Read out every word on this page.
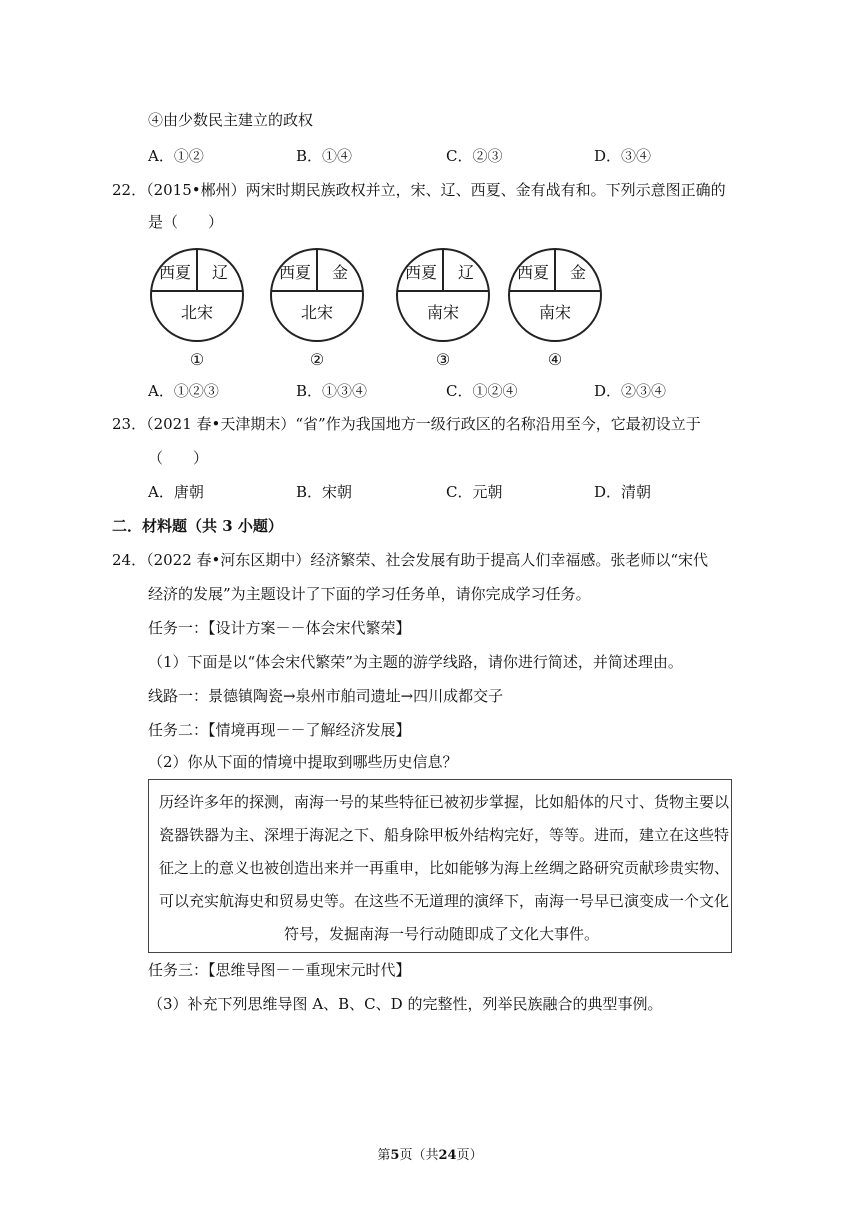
④由少数民主建立的政权
A．①②	B．①④	C．②③	D．③④
22．（2015•郴州）两宋时期民族政权并立，宋、辽、西夏、金有战有和。下列示意图正确的
是（　　）
西夏 辽
北宋
西夏 金
北宋
西夏 辽
南宋
西夏 金
南宋
①	②	③	④
A．①②③	B．①③④	C．①②④	D．②③④
23．（2021 春•天津期末）“省”作为我国地方一级行政区的名称沿用至今，它最初设立于
（　　）
A．唐朝	B．宋朝	C．元朝	D．清朝
二．材料题（共 3 小题）
24．（2022 春•河东区期中）经济繁荣、社会发展有助于提高人们幸福感。张老师以“宋代
经济的发展”为主题设计了下面的学习任务单，请你完成学习任务。
任务一：【设计方案－－体会宋代繁荣】
（1）下面是以“体会宋代繁荣”为主题的游学线路，请你进行简述，并简述理由。
线路一：景德镇陶瓷→泉州市舶司遗址→四川成都交子
任务二：【情境再现－－了解经济发展】
（2）你从下面的情境中提取到哪些历史信息？
历经许多年的探测，南海一号的某些特征已被初步掌握，比如船体的尺寸、货物主要以
瓷器铁器为主、深埋于海泥之下、船身除甲板外结构完好，等等。进而，建立在这些特
征之上的意义也被创造出来并一再重申，比如能够为海上丝绸之路研究贡献珍贵实物、
可以充实航海史和贸易史等。在这些不无道理的演绎下，南海一号早已演变成一个文化
符号，发掘南海一号行动随即成了文化大事件。
任务三：【思维导图－－重现宋元时代】
（3）补充下列思维导图 A、B、C、D 的完整性，列举民族融合的典型事例。
第5页（共24页）
